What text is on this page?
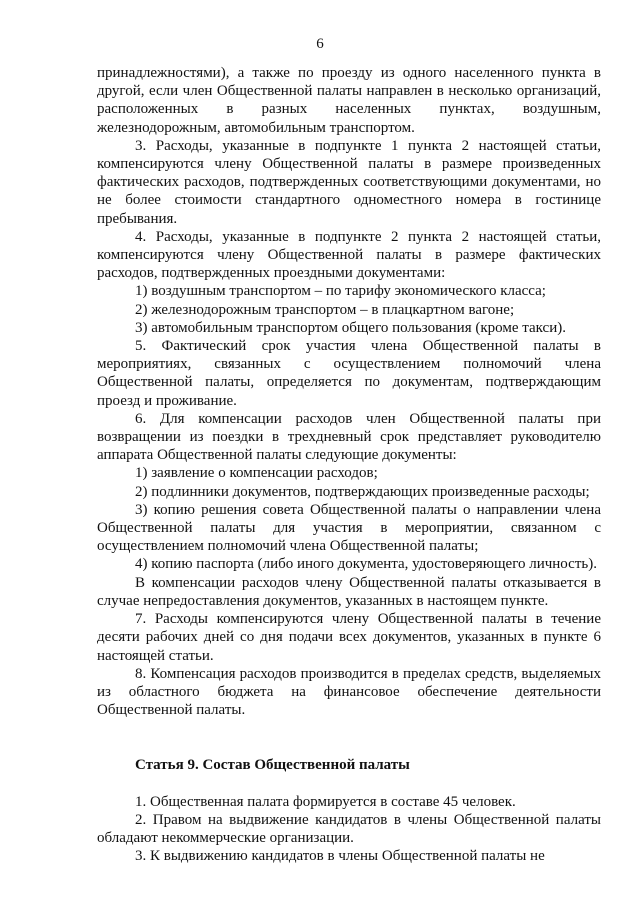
6

принадлежностями), а также по проезду из одного населенного пункта в другой, если член Общественной палаты направлен в несколько организаций, расположенных в разных населенных пунктах, воздушным, железнодорожным, автомобильным транспортом.

3. Расходы, указанные в подпункте 1 пункта 2 настоящей статьи, компенсируются члену Общественной палаты в размере произведенных фактических расходов, подтвержденных соответствующими документами, но не более стоимости стандартного одноместного номера в гостинице пребывания.

4. Расходы, указанные в подпункте 2 пункта 2 настоящей статьи, компенсируются члену Общественной палаты в размере фактических расходов, подтвержденных проездными документами:

1) воздушным транспортом – по тарифу экономического класса;

2) железнодорожным транспортом – в плацкартном вагоне;

3) автомобильным транспортом общего пользования (кроме такси).

5. Фактический срок участия члена Общественной палаты в мероприятиях, связанных с осуществлением полномочий члена Общественной палаты, определяется по документам, подтверждающим проезд и проживание.

6. Для компенсации расходов член Общественной палаты при возвращении из поездки в трехдневный срок представляет руководителю аппарата Общественной палаты следующие документы:

1) заявление о компенсации расходов;

2) подлинники документов, подтверждающих произведенные расходы;

3) копию решения совета Общественной палаты о направлении члена Общественной палаты для участия в мероприятии, связанном с осуществлением полномочий члена Общественной палаты;

4) копию паспорта (либо иного документа, удостоверяющего личность).

В компенсации расходов члену Общественной палаты отказывается в случае непредоставления документов, указанных в настоящем пункте.

7. Расходы компенсируются члену Общественной палаты в течение десяти рабочих дней со дня подачи всех документов, указанных в пункте 6 настоящей статьи.

8. Компенсация расходов производится в пределах средств, выделяемых из областного бюджета на финансовое обеспечение деятельности Общественной палаты.

Статья 9. Состав Общественной палаты

1. Общественная палата формируется в составе 45 человек.

2. Правом на выдвижение кандидатов в члены Общественной палаты обладают некоммерческие организации.

3. К выдвижению кандидатов в члены Общественной палаты не
